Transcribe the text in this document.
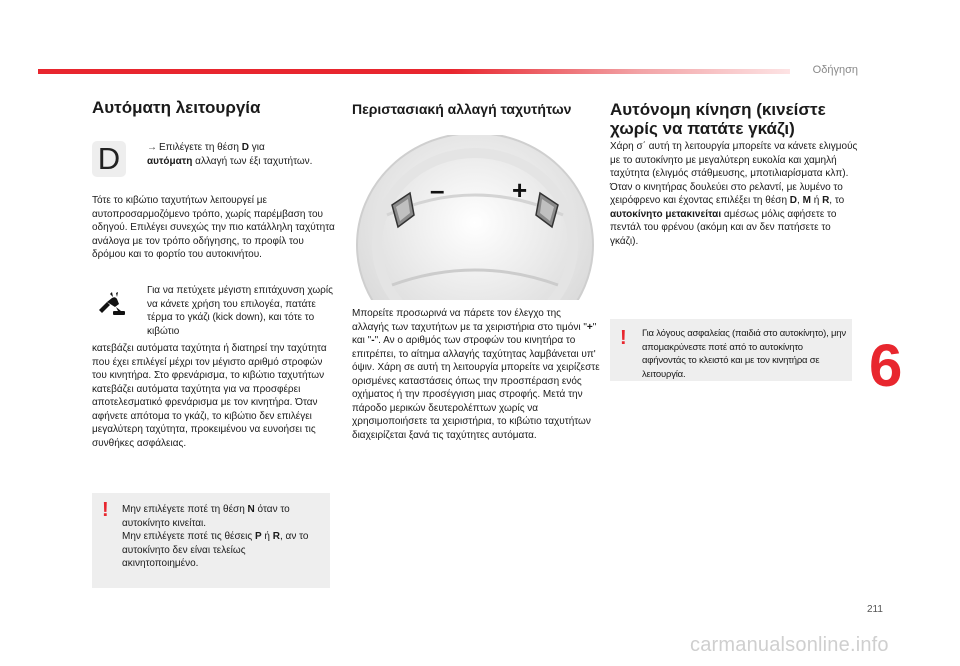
Οδήγηση
Αυτόματη λειτουργία
D	→ Επιλέγετε τη θέση D για
αυτόματη αλλαγή των έξι ταχυτήτων.

Τότε το κιβώτιο ταχυτήτων λειτουργεί με αυτοπροσαρμοζόμενο τρόπο, χωρίς παρέμβαση του οδηγού. Επιλέγει συνεχώς την πιο κατάλληλη ταχύτητα ανάλογα με τον τρόπο οδήγησης, το προφίλ του δρόμου και το φορτίο του αυτοκινήτου.

Για να πετύχετε μέγιστη επιτάχυνση χωρίς να κάνετε χρήση του επιλογέα, πατάτε τέρμα το γκάζι (kick down), και τότε το κιβώτιο

κατεβάζει αυτόματα ταχύτητα ή διατηρεί την ταχύτητα που έχει επιλέγεί μέχρι τον μέγιστο αριθμό στροφών του κινητήρα. Στο φρενάρισμα, το κιβώτιο ταχυτήτων κατεβάζει αυτόματα ταχύτητα για να προσφέρει αποτελεσματικό φρενάρισμα με τον κινητήρα. Όταν αφήνετε απότομα το γκάζι, το κιβώτιο δεν επιλέγει μεγαλύτερη ταχύτητα, προκειμένου να ευνοήσει τις συνθήκες ασφάλειας.

! Μην επιλέγετε ποτέ τη θέση N όταν το αυτοκίνητο κινείται.
Μην επιλέγετε ποτέ τις θέσεις P ή R, αν το αυτοκίνητο δεν είναι τελείως ακινητοποιημένο.
Περιστασιακή αλλαγή ταχυτήτων
–	+

Μπορείτε προσωρινά να πάρετε τον έλεγχο της αλλαγής των ταχυτήτων με τα χειριστήρια στο τιμόνι "+" και "-". Αν ο αριθμός των στροφών του κινητήρα το επιτρέπει, το αίτημα αλλαγής ταχύτητας λαμβάνεται υπ' όψιν. Χάρη σε αυτή τη λειτουργία μπορείτε να χειρίζεστε ορισμένες καταστάσεις όπως την προσπέραση ενός οχήματος ή την προσέγγιση μιας στροφής. Μετά την πάροδο μερικών δευτερολέπτων χωρίς να χρησιμοποιήσετε τα χειριστήρια, το κιβώτιο ταχυτήτων διαχειρίζεται ξανά τις ταχύτητες αυτόματα.

Αυτόνομη κίνηση (κινείστε χωρίς να πατάτε γκάζι)

Χάρη σ΄ αυτή τη λειτουργία μπορείτε να κάνετε ελιγμούς με το αυτοκίνητο με μεγαλύτερη ευκολία και χαμηλή ταχύτητα (ελιγμός στάθμευσης, μποτιλιαρίσματα κλπ). Όταν ο κινητήρας δουλεύει στο ρελαντί, με λυμένο το χειρόφρενο και έχοντας επιλέξει τη θέση D, M ή R, το αυτοκίνητο μετακινείται αμέσως μόλις αφήσετε το πεντάλ του φρένου (ακόμη και αν δεν πατήσετε το γκάζι).

! Για λόγους ασφαλείας (παιδιά στο αυτοκίνητο), μην απομακρύνεστε ποτέ από το αυτοκίνητο αφήνοντάς το κλειστό και με τον κινητήρα σε λειτουργία.	6
211
carmanualsonline.info
